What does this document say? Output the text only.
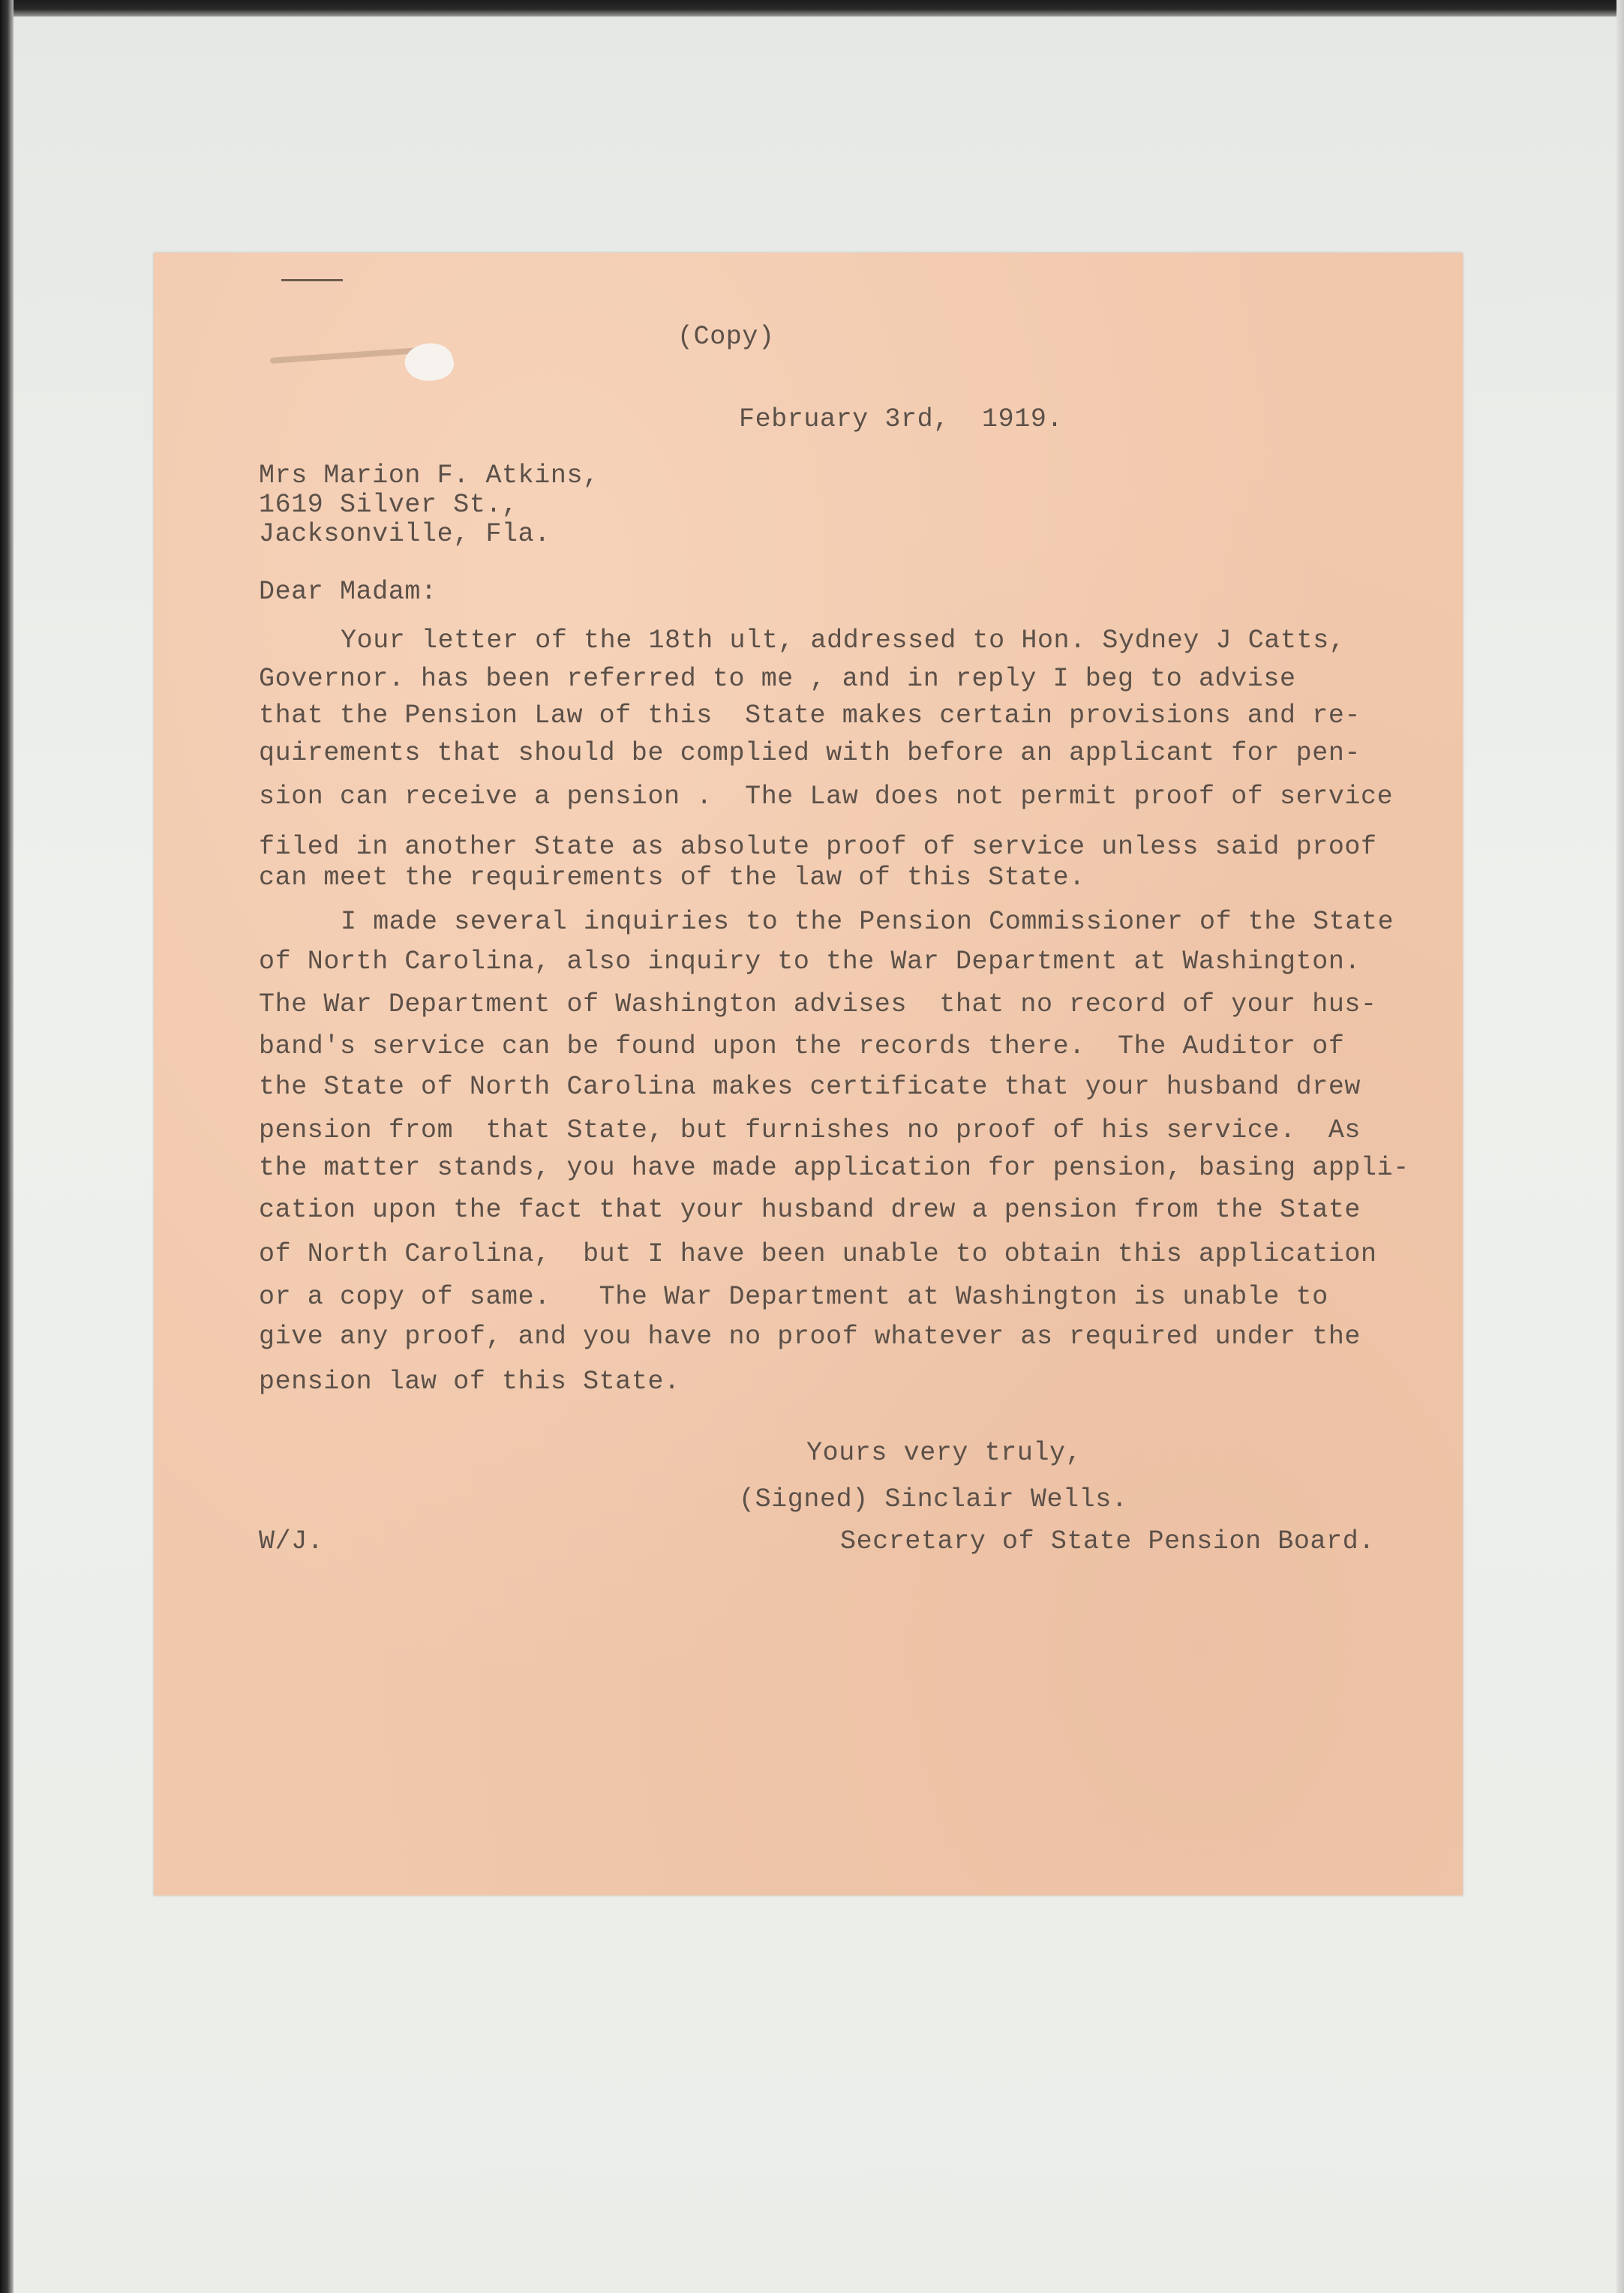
(Copy)
February 3rd,  1919.
Mrs Marion F. Atkins,
1619 Silver St.,
Jacksonville, Fla.
Dear Madam:
Your letter of the 18th ult, addressed to Hon. Sydney J Catts,
Governor. has been referred to me , and in reply I beg to advise
that the Pension Law of this  State makes certain provisions and re-
quirements that should be complied with before an applicant for pen-
sion can receive a pension .  The Law does not permit proof of service
filed in another State as absolute proof of service unless said proof
can meet the requirements of the law of this State.
I made several inquiries to the Pension Commissioner of the State
of North Carolina, also inquiry to the War Department at Washington.
The War Department of Washington advises  that no record of your hus-
band's service can be found upon the records there.  The Auditor of
the State of North Carolina makes certificate that your husband drew
pension from  that State, but furnishes no proof of his service.  As
the matter stands, you have made application for pension, basing appli-
cation upon the fact that your husband drew a pension from the State
of North Carolina,  but I have been unable to obtain this application
or a copy of same.   The War Department at Washington is unable to
give any proof, and you have no proof whatever as required under the
pension law of this State.
Yours very truly,
(Signed) Sinclair Wells.
W/J.	Secretary of State Pension Board.
